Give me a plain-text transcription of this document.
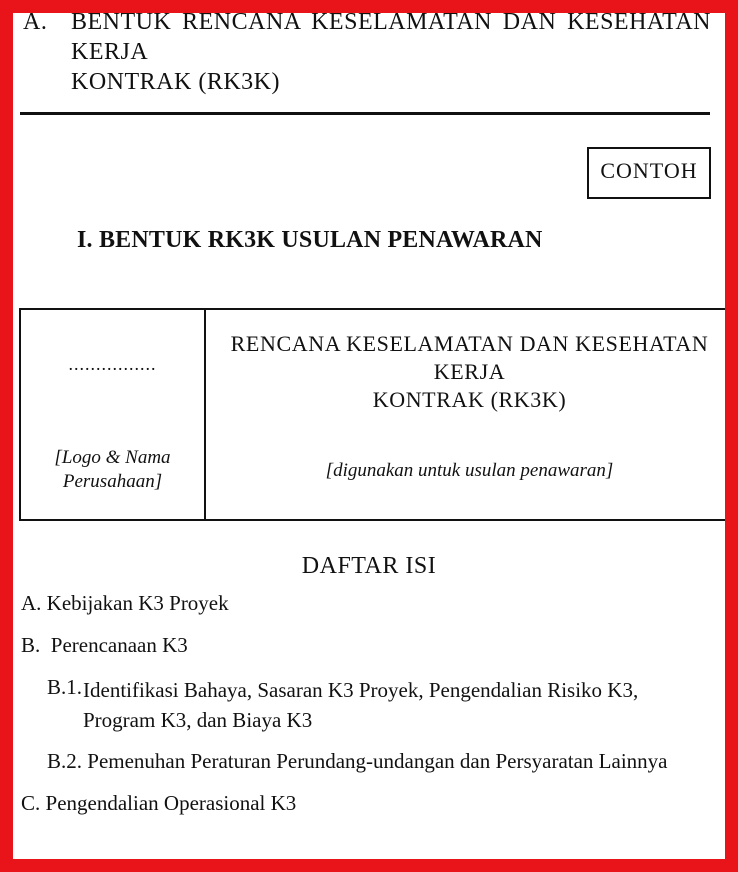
A. BENTUK RENCANA KESELAMATAN DAN KESEHATAN KERJA
KONTRAK (RK3K)
CONTOH
I. BENTUK RK3K USULAN PENAWARAN
................
[Logo & Nama
Perusahaan]
RENCANA KESELAMATAN DAN KESEHATAN KERJA
KONTRAK (RK3K)
[digunakan untuk usulan penawaran]
DAFTAR ISI
A. Kebijakan K3 Proyek
B. Perencanaan K3
B.1. Identifikasi Bahaya, Sasaran K3 Proyek, Pengendalian Risiko K3, Program K3, dan Biaya K3
B.2. Pemenuhan Peraturan Perundang-undangan dan Persyaratan Lainnya
C. Pengendalian Operasional K3
